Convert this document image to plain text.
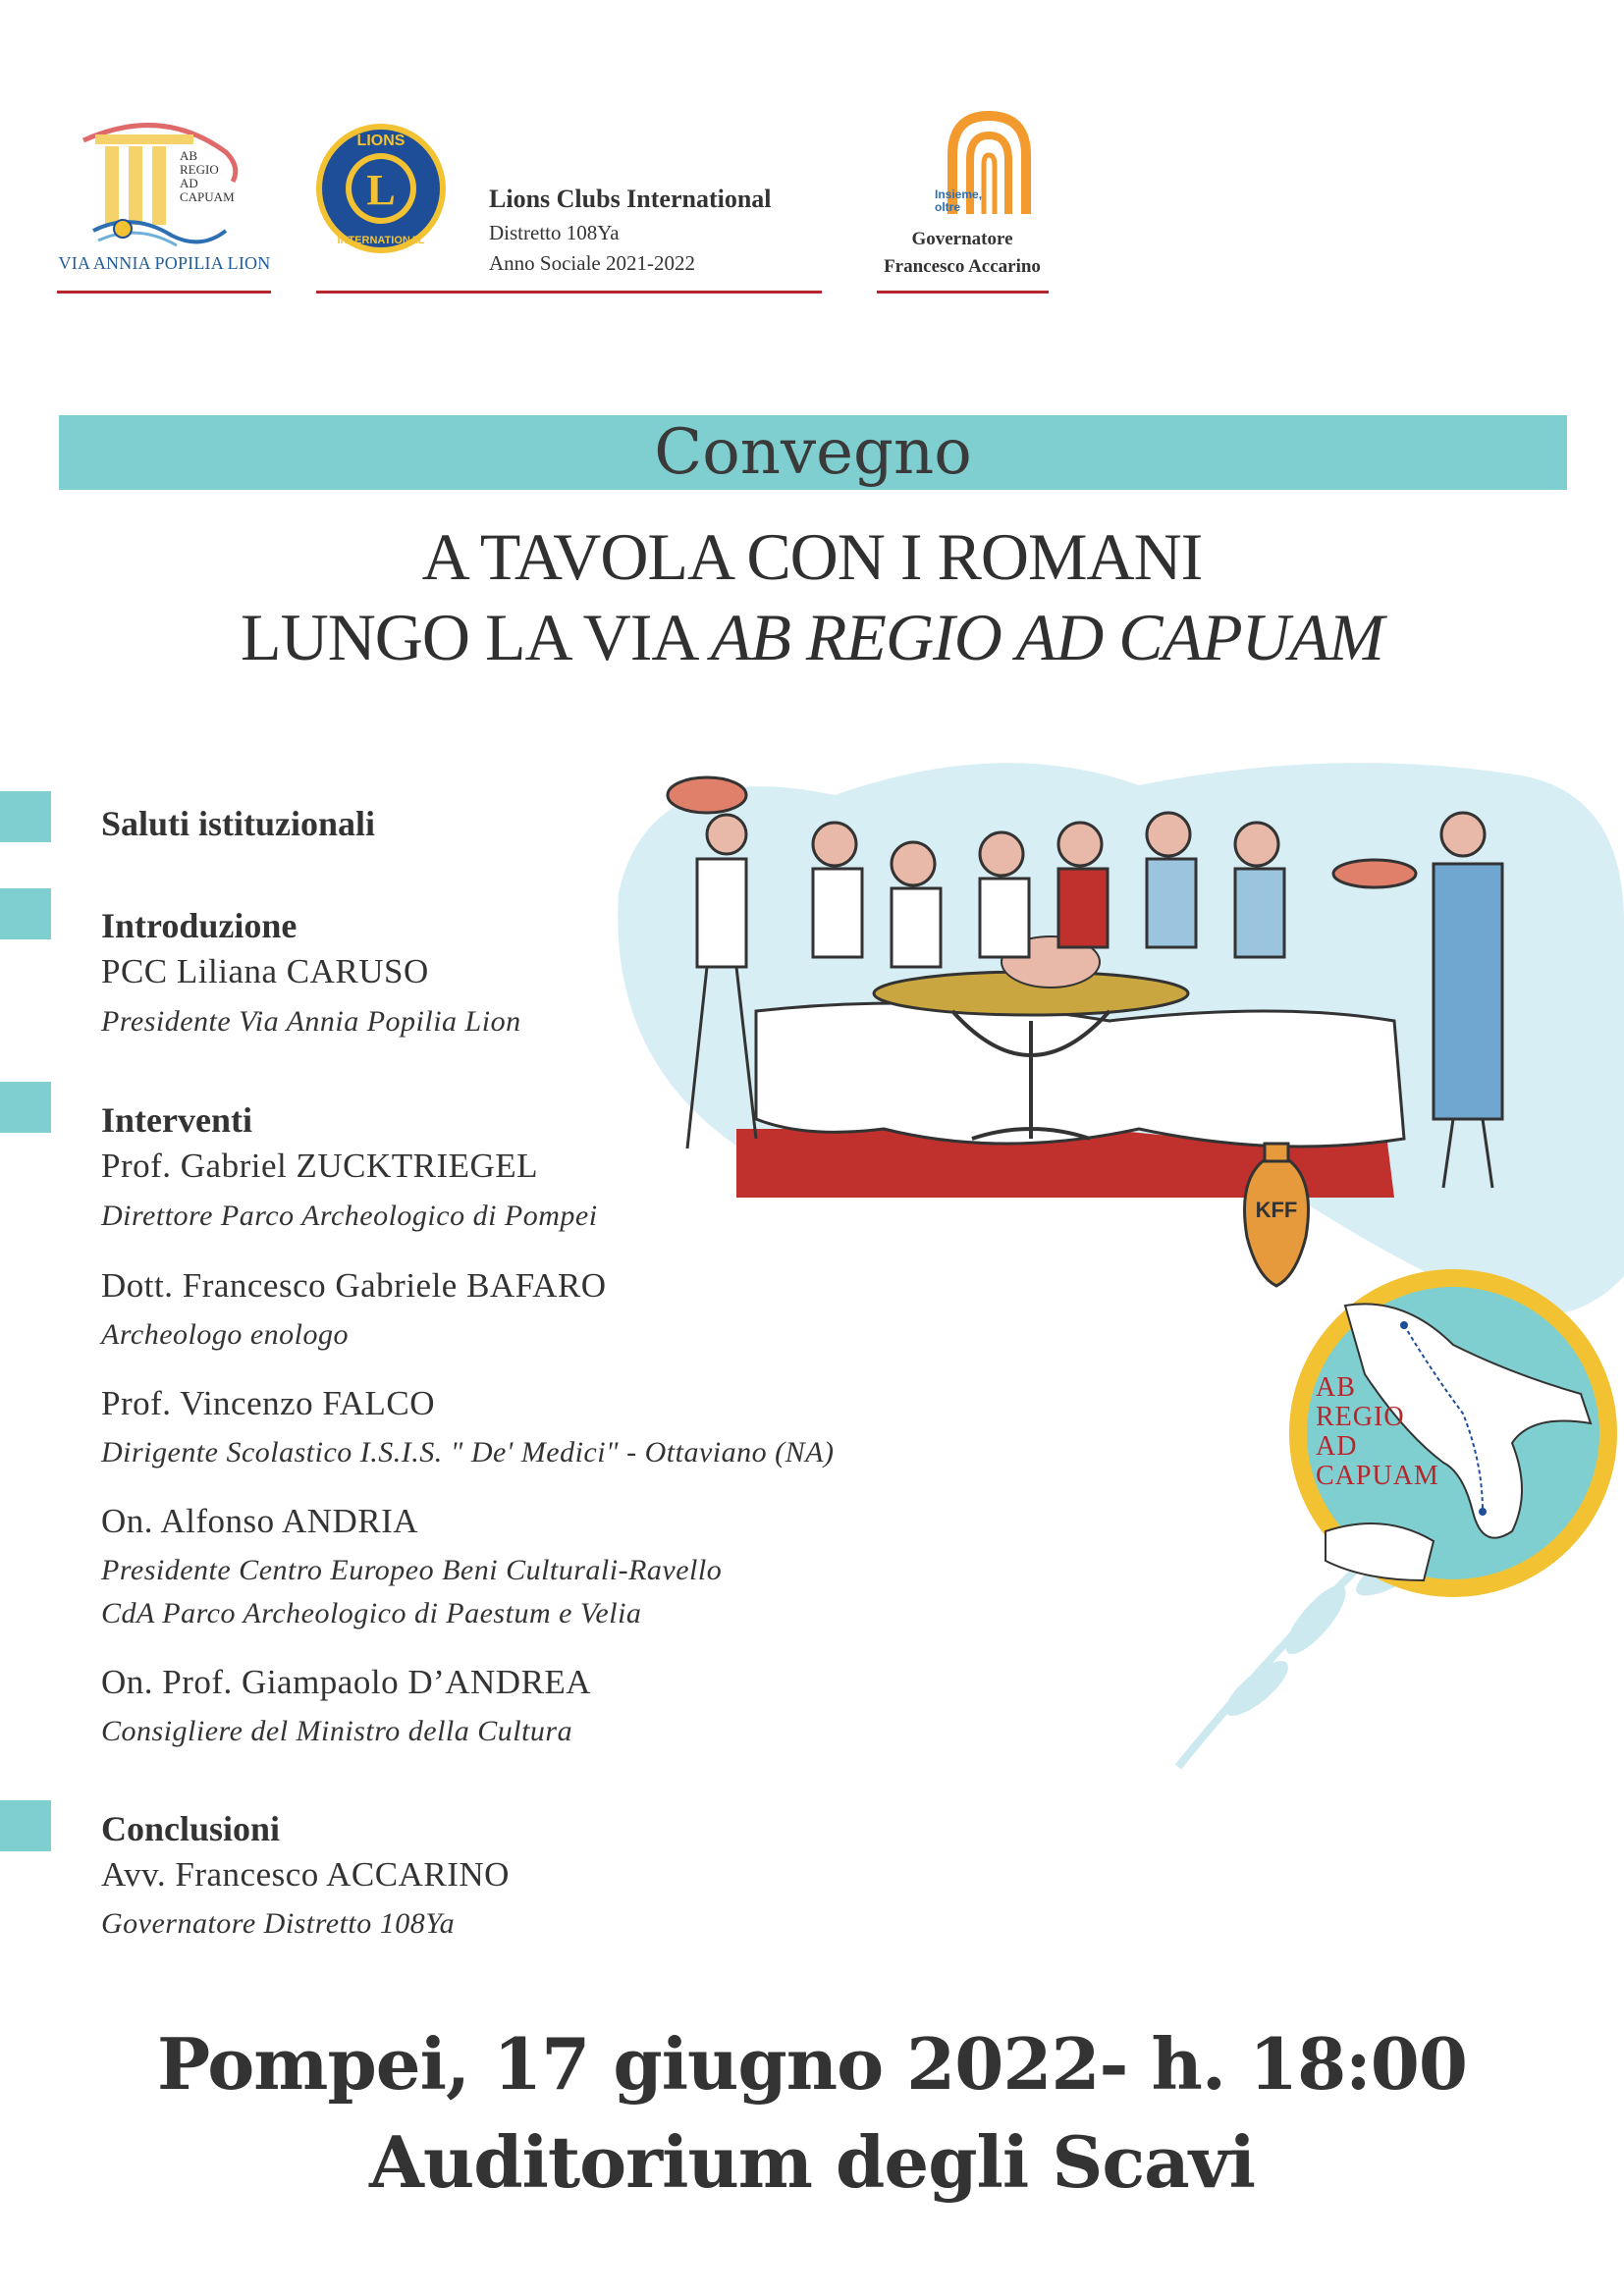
AB
REGIO
AD
CAPUAM
VIA ANNIA POPILIA LION
L
LIONS
INTERNATIONAL
Lions Clubs International
Distretto 108Ya
Anno Sociale 2021-2022
Insieme, oltre
Governatore
Francesco Accarino
Convegno
A TAVOLA CON I ROMANI
LUNGO LA VIA AB REGIO AD CAPUAM
KFF
AB
REGIO
AD
CAPUAM
Saluti istituzionali
Introduzione
PCC Liliana CARUSO
Presidente Via Annia Popilia Lion
Interventi
Prof. Gabriel ZUCKTRIEGEL
Direttore Parco Archeologico di Pompei
Dott. Francesco Gabriele BAFARO
Archeologo enologo
Prof. Vincenzo FALCO
Dirigente Scolastico I.S.I.S. " De' Medici" - Ottaviano (NA)
On. Alfonso ANDRIA
Presidente Centro Europeo Beni Culturali-Ravello
CdA Parco Archeologico di Paestum e Velia
On. Prof. Giampaolo D’ANDREA
Consigliere del Ministro della Cultura
Conclusioni
Avv. Francesco ACCARINO
Governatore Distretto 108Ya
Pompei, 17 giugno 2022- h. 18:00
Auditorium degli Scavi
